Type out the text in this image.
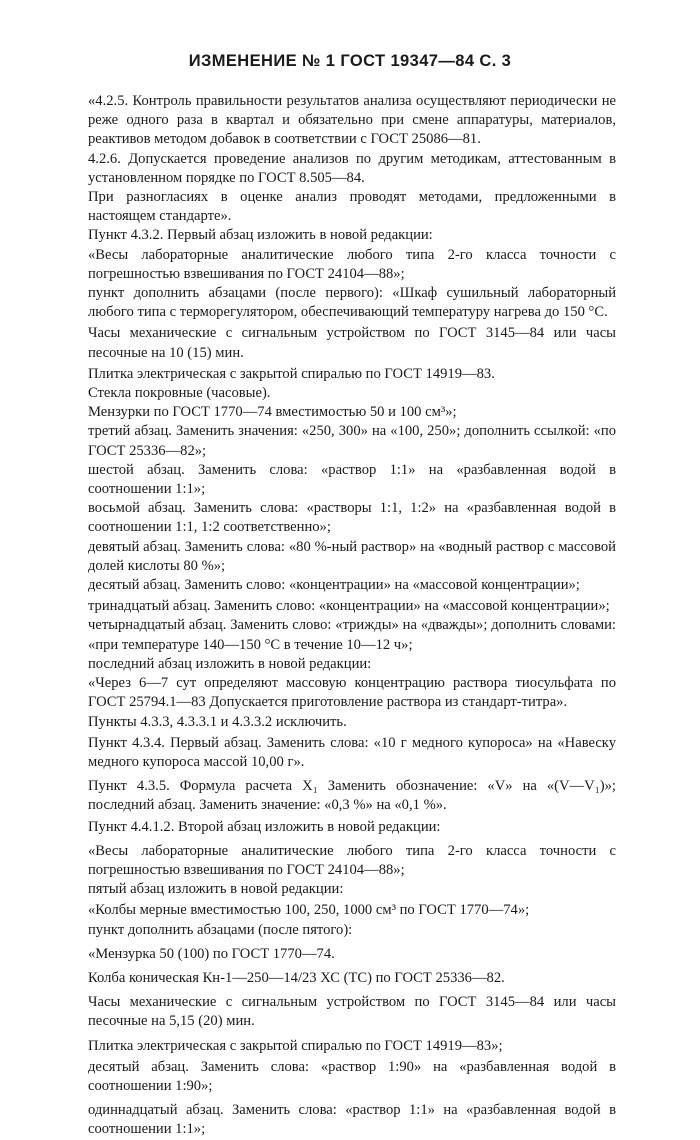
ИЗМЕНЕНИЕ № 1 ГОСТ 19347—84 С. 3

«4.2.5. Контроль правильности результатов анализа осуществляют периодически не реже одного раза в квартал и обязательно при смене аппаратуры, материалов, реактивов методом добавок в соответствии с ГОСТ 25086—81.

4.2.6. Допускается проведение анализов по другим методикам, аттестованным в установленном порядке по ГОСТ 8.505—84.

При разногласиях в оценке анализ проводят методами, предложенными в настоящем стандарте».

Пункт 4.3.2. Первый абзац изложить в новой редакции:

«Весы лабораторные аналитические любого типа 2-го класса точности с погрешностью взвешивания по ГОСТ 24104—88»;

пункт дополнить абзацами (после первого): «Шкаф сушильный лабораторный любого типа с терморегулятором, обеспечивающий температуру нагрева до 150 °С.

Часы механические с сигнальным устройством по ГОСТ 3145—84 или часы песочные на 10 (15) мин.

Плитка электрическая с закрытой спиралью по ГОСТ 14919—83.

Стекла покровные (часовые).

Мензурки по ГОСТ 1770—74 вместимостью 50 и 100 см³»;

третий абзац. Заменить значения: «250, 300» на «100, 250»; дополнить ссылкой: «по ГОСТ 25336—82»;

шестой абзац. Заменить слова: «раствор 1:1» на «разбавленная водой в соотношении 1:1»;

восьмой абзац. Заменить слова: «растворы 1:1, 1:2» на «разбавленная водой в соотношении 1:1, 1:2 соответственно»;

девятый абзац. Заменить слова: «80 %-ный раствор» на «водный раствор с массовой долей кислоты 80 %»;

десятый абзац. Заменить слово: «концентрации» на «массовой концентрации»;

тринадцатый абзац. Заменить слово: «концентрации» на «массовой концентрации»;

четырнадцатый абзац. Заменить слово: «трижды» на «дважды»; дополнить словами: «при температуре 140—150 °С в течение 10—12 ч»;

последний абзац изложить в новой редакции:

«Через 6—7 сут определяют массовую концентрацию раствора тиосульфата по ГОСТ 25794.1—83 Допускается приготовление раствора из стандарт-титра».

Пункты 4.3.3, 4.3.3.1 и 4.3.3.2 исключить.

Пункт 4.3.4. Первый абзац. Заменить слова: «10 г медного купороса» на «Навеску медного купороса массой 10,00 г».

Пункт 4.3.5. Формула расчета X₁ Заменить обозначение: «V» на «(V—V₁)»; последний абзац. Заменить значение: «0,3 %» на «0,1 %».

Пункт 4.4.1.2. Второй абзац изложить в новой редакции:

«Весы лабораторные аналитические любого типа 2-го класса точности с погрешностью взвешивания по ГОСТ 24104—88»;

пятый абзац изложить в новой редакции:

«Колбы мерные вместимостью 100, 250, 1000 см³ по ГОСТ 1770—74»;

пункт дополнить абзацами (после пятого):

«Мензурка 50 (100) по ГОСТ 1770—74.

Колба коническая Кн-1—250—14/23 ХС (ТС) по ГОСТ 25336—82.

Часы механические с сигнальным устройством по ГОСТ 3145—84 или часы песочные на 5,15 (20) мин.

Плитка электрическая с закрытой спиралью по ГОСТ 14919—83»;

десятый абзац. Заменить слова: «раствор 1:90» на «разбавленная водой в соотношении 1:90»;

одиннадцатый абзац. Заменить слова: «раствор 1:1» на «разбавленная водой в соотношении 1:1»;
